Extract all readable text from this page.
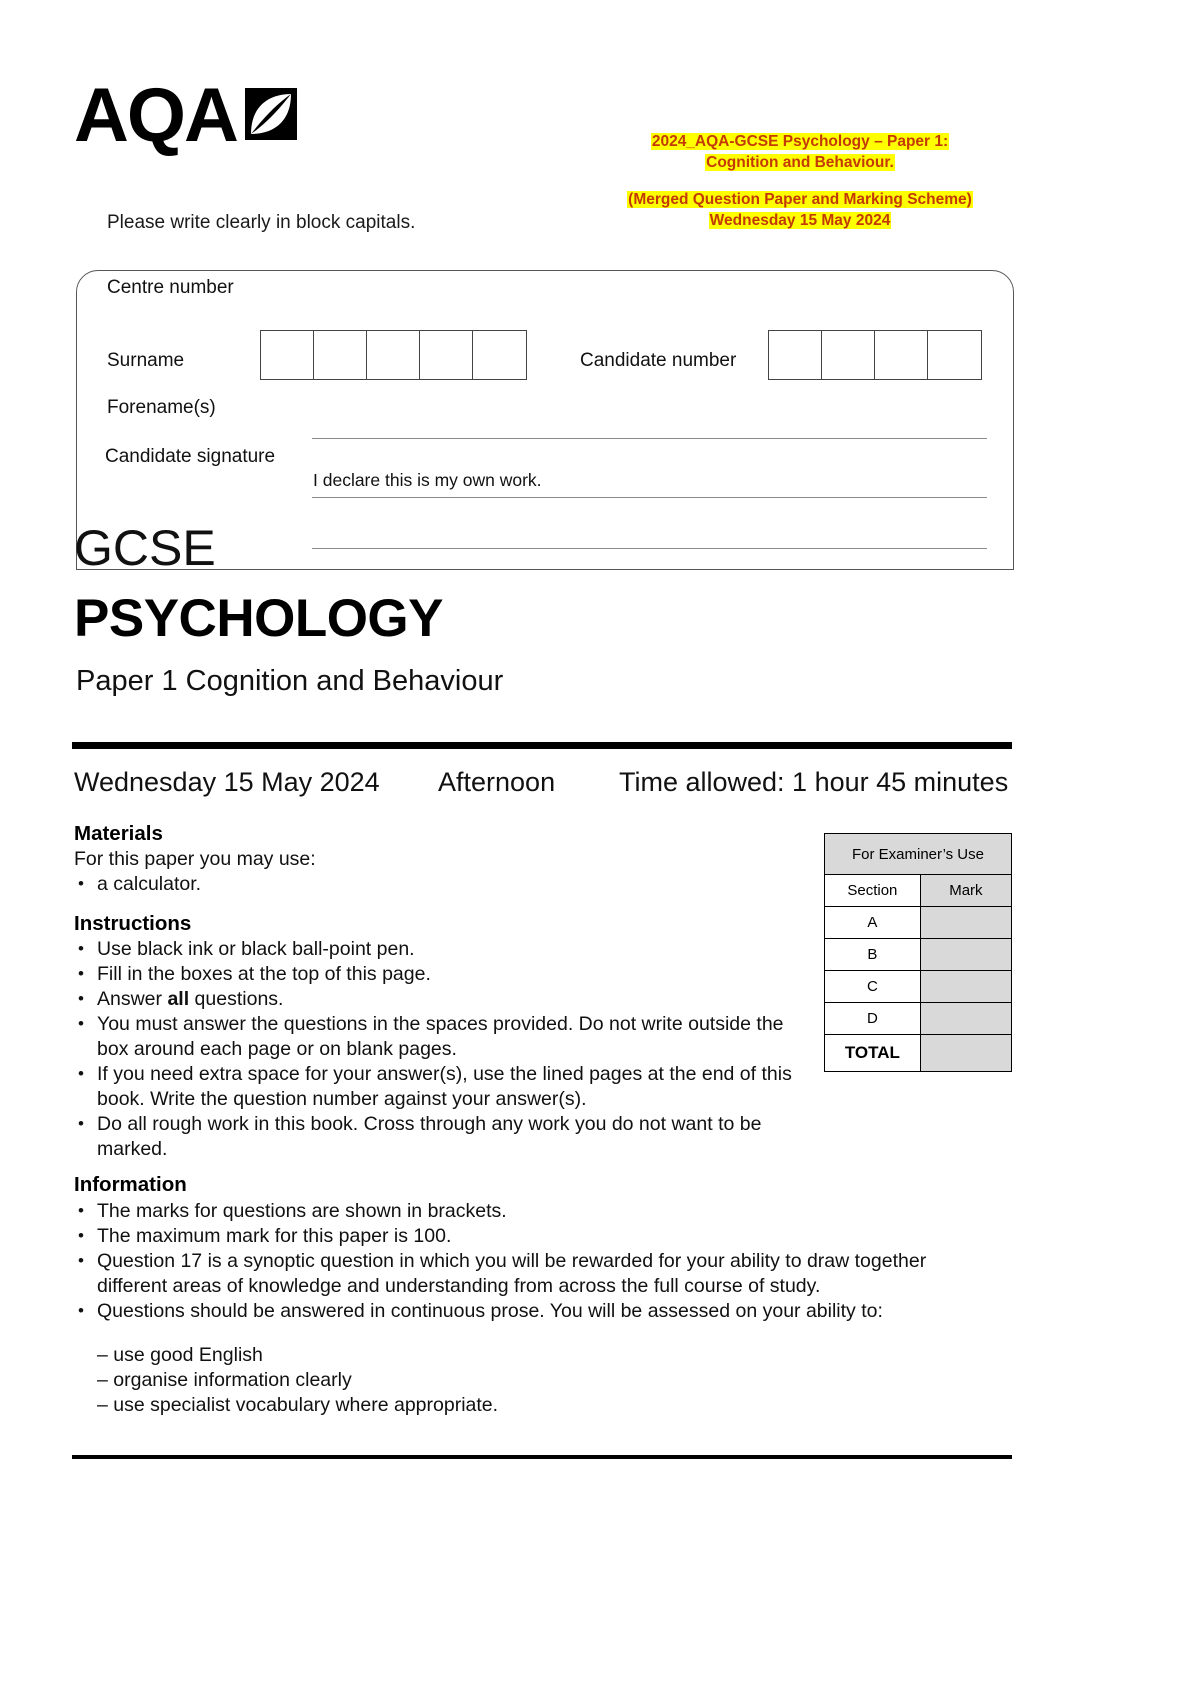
AQA
Please write clearly in block capitals.
2024_AQA-GCSE Psychology – Paper 1:
Cognition and Behaviour.
(Merged Question Paper and Marking Scheme)
Wednesday 15 May 2024
Centre number
Surname
Forename(s)
Candidate signature
Candidate number
I declare this is my own work.
GCSE
PSYCHOLOGY
Paper 1 Cognition and Behaviour
Wednesday 15 May 2024 Afternoon Time allowed: 1 hour 45 minutes
Materials
For this paper you may use:
• a calculator.
Instructions
• Use black ink or black ball-point pen.
• Fill in the boxes at the top of this page.
• Answer all questions.
• You must answer the questions in the spaces provided. Do not write outside the box around each page or on blank pages.
• If you need extra space for your answer(s), use the lined pages at the end of this book. Write the question number against your answer(s).
• Do all rough work in this book. Cross through any work you do not want to be marked.
Information
• The marks for questions are shown in brackets.
• The maximum mark for this paper is 100.
• Question 17 is a synoptic question in which you will be rewarded for your ability to draw together different areas of knowledge and understanding from across the full course of study.
• Questions should be answered in continuous prose. You will be assessed on your ability to:
– use good English
– organise information clearly
– use specialist vocabulary where appropriate.
For Examiner’s Use	
Section	Mark
A	
B	
C	
D	
TOTAL	
